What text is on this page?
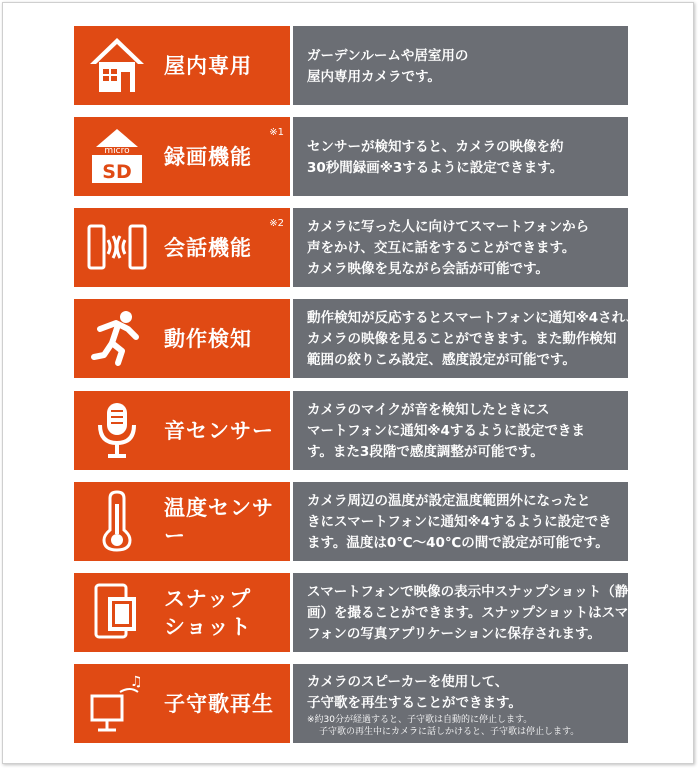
屋内専用	ガーデンルームや居室用の
屋内専用カメラです。
micro
SD
録画機能
※1
センサーが検知すると、カメラの映像を約
30秒間録画※3するように設定できます。
会話機能
※2 カメラに写った人に向けてスマートフォンから
声をかけ、交互に話をすることができます。
カメラ映像を見ながら会話が可能です。
動作検知
動作検知が反応するとスマートフォンに通知※4され、
カメラの映像を見ることができます。また動作検知
範囲の絞りこみ設定、感度設定が可能です。
音センサー
カメラのマイクが音を検知したときにス
マートフォンに通知※4するように設定できま
す。また3段階で感度調整が可能です。
温度センサー
カメラ周辺の温度が設定温度範囲外になったと
きにスマートフォンに通知※4するように設定でき
ます。温度は0℃〜40℃の間で設定が可能です。
スナップ
ショット
スマートフォンで映像の表示中スナップショット（静止
画）を撮ることができます。スナップショットはスマート
フォンの写真アプリケーションに保存されます。
♫
子守歌再生
カメラのスピーカーを使用して、
子守歌を再生することができます。
※約30分が経過すると、子守歌は自動的に停止します。
子守歌の再生中にカメラに話しかけると、子守歌は停止します。
